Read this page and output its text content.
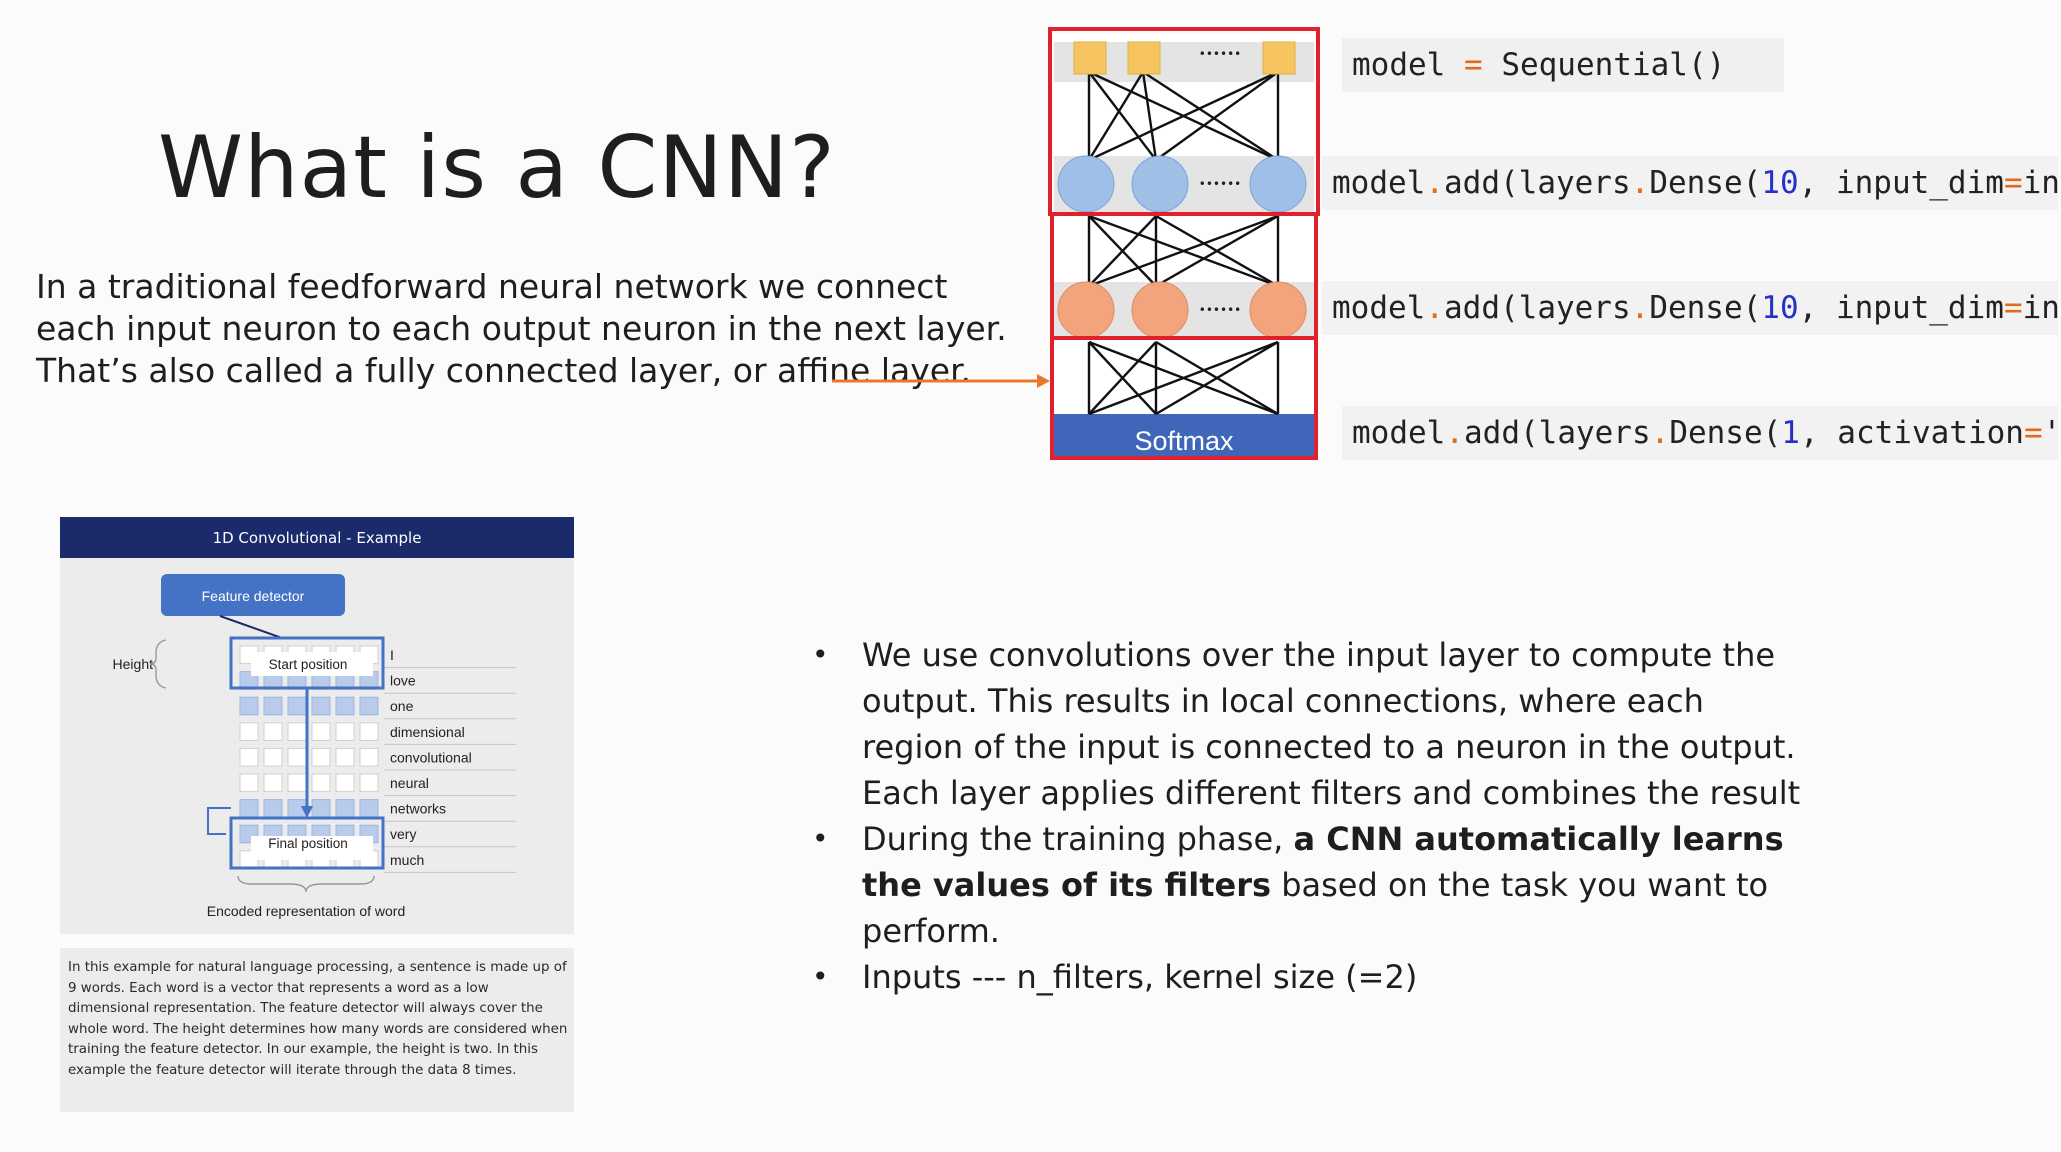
What is a CNN?
In a traditional feedforward neural network we connect each input neuron to each output neuron in the next layer. That’s also called a fully connected layer, or affine layer.
Softmax
••••••
••••••
••••••
model = Sequential()
model.add(layers.Dense(10, input_dim=in
model.add(layers.Dense(10, input_dim=in
model.add(layers.Dense(1, activation='
1D Convolutional - Example
Feature detector
I
love
one
dimensional
convolutional
neural
networks
very
much
Height	Start position
Final position
Encoded representation of word
In this example for natural language processing, a sentence is made up of 9 words. Each word is a vector that represents a word as a low dimensional representation. The feature detector will always cover the whole word. The height determines how many words are considered when training the feature detector. In our example, the height is two. In this example the feature detector will iterate through the data 8 times.
• We use convolutions over the input layer to compute the output. This results in local connections, where each region of the input is connected to a neuron in the output. Each layer applies different filters and combines the result
• During the training phase, a CNN automatically learns the values of its filters based on the task you want to perform.
• Inputs --- n_filters, kernel size (=2)
